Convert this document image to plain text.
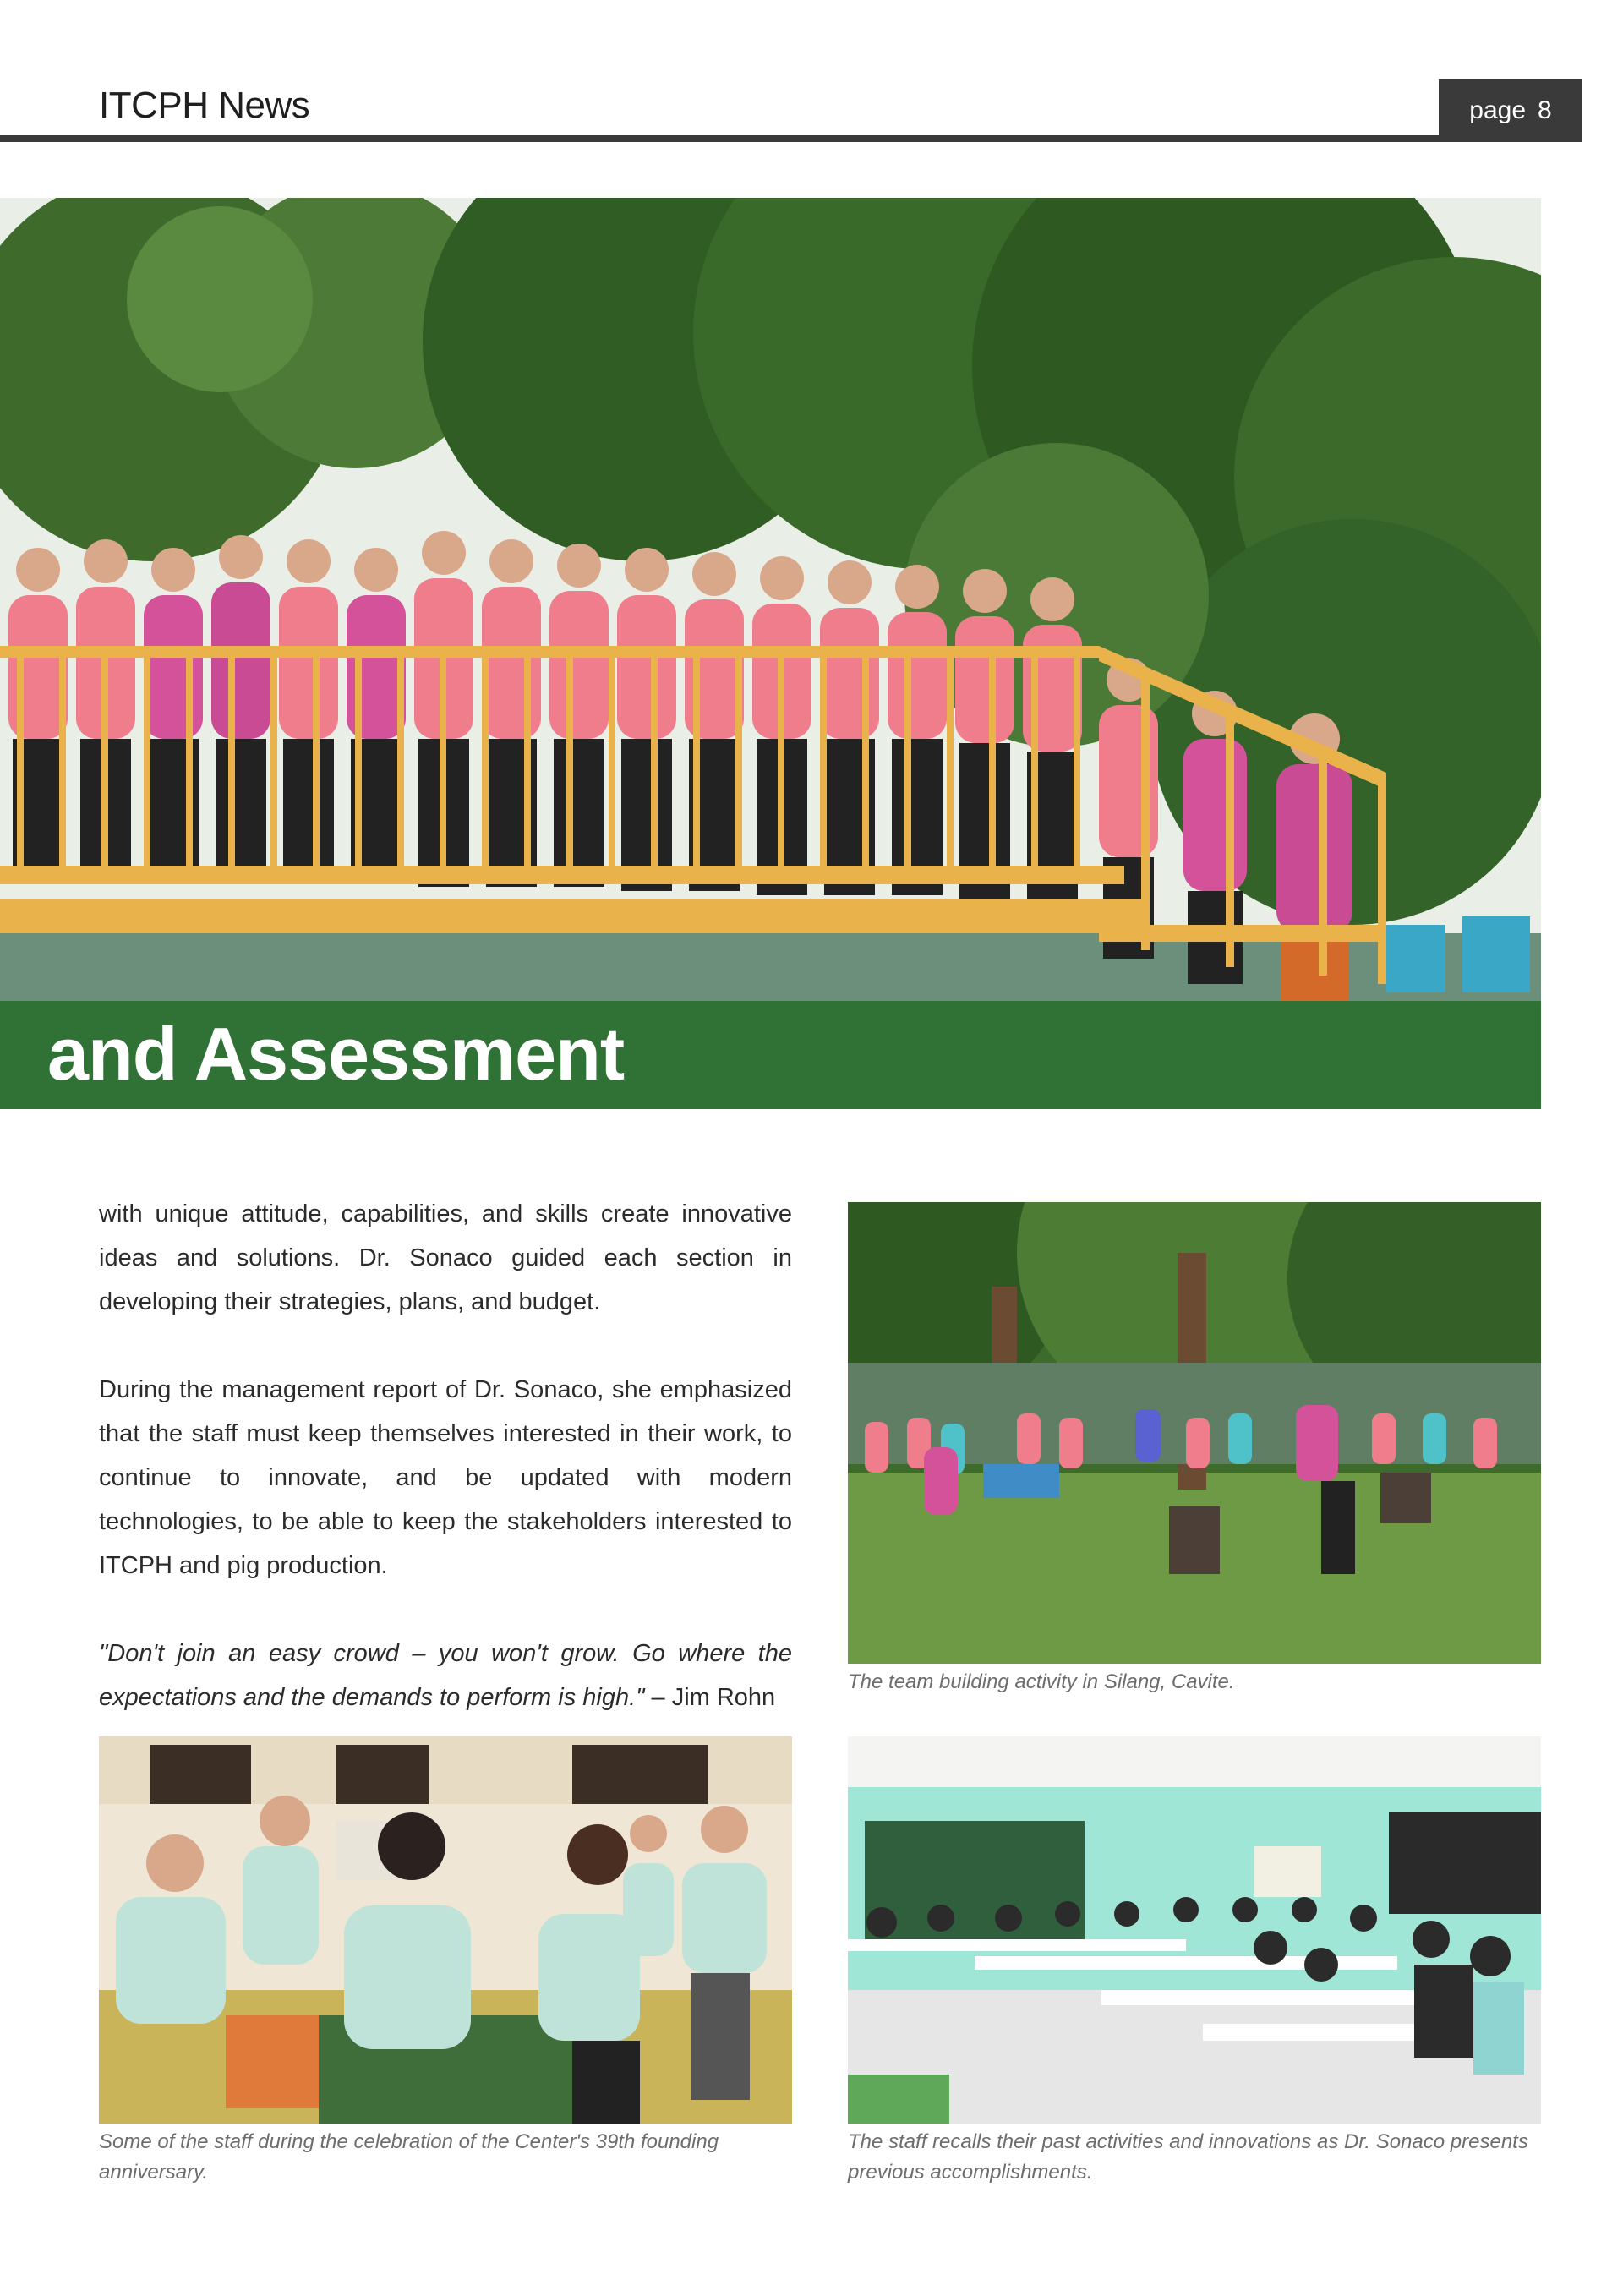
ITCPH News	page 8
and Assessment

with unique attitude, capabilities, and skills create innovative ideas and solutions. Dr. Sonaco guided each section in developing their strategies, plans, and budget.

During the management report of Dr. Sonaco, she emphasized that the staff must keep themselves interested in their work, to continue to innovate, and be updated with modern technologies, to be able to keep the stakeholders interested to ITCPH and pig production.

"Don't join an easy crowd – you won't grow. Go where the expectations and the demands to perform is high." – Jim Rohn

The team building activity in Silang, Cavite.
Some of the staff during the celebration of the Center's 39th founding anniversary.
The staff recalls their past activities and innovations as Dr. Sonaco presents previous accomplishments.
